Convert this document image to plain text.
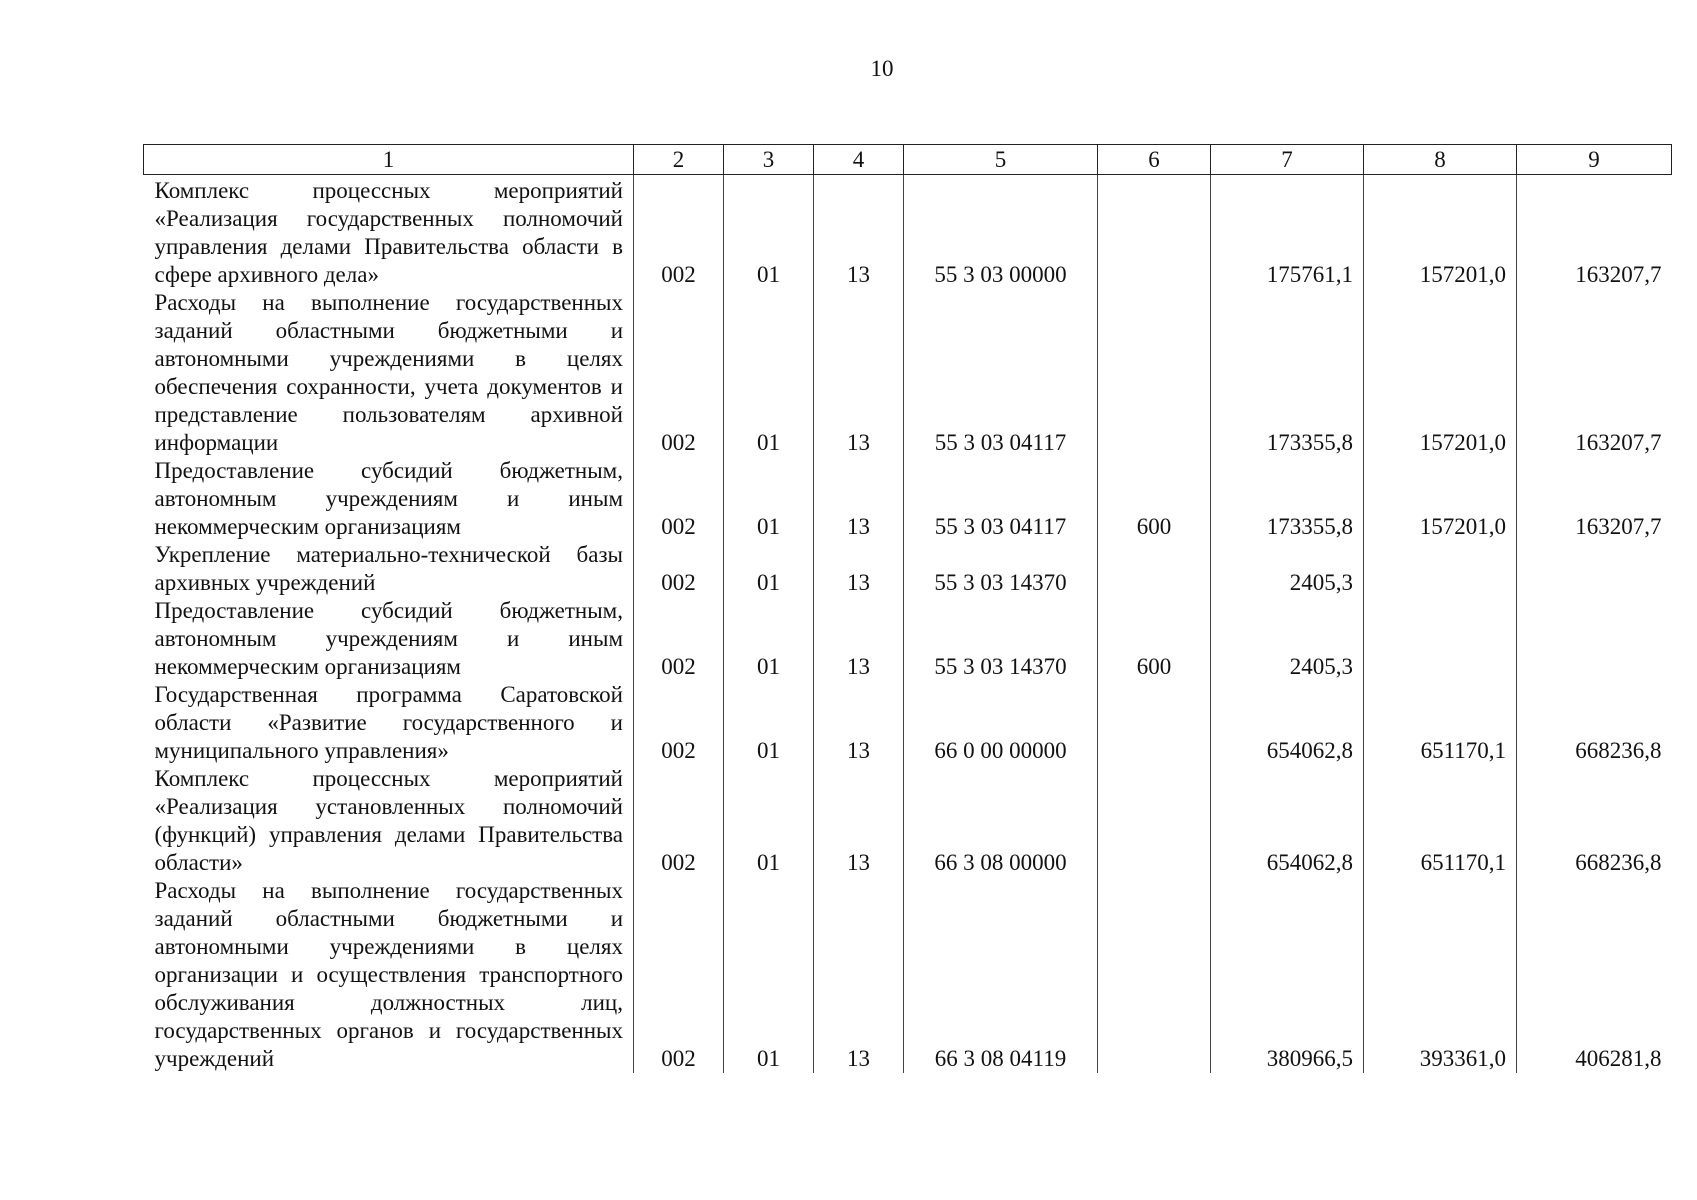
10
1	2	3	4	5	6	7	8	9
Комплекс процессных мероприятий «Реализация государственных полномочий управления делами Правительства области в сфере архивного дела»	002	01	13	55 3 03 00000		175761,1	157201,0	163207,7
Расходы на выполнение государственных заданий областными бюджетными и автономными учреждениями в целях обеспечения сохранности, учета документов и представление пользователям архивной информации	002	01	13	55 3 03 04117		173355,8	157201,0	163207,7
Предоставление субсидий бюджетным, автономным учреждениям и иным некоммерческим организациям	002	01	13	55 3 03 04117	600	173355,8	157201,0	163207,7
Укрепление материально-технической базы архивных учреждений	002	01	13	55 3 03 14370		2405,3		
Предоставление субсидий бюджетным, автономным учреждениям и иным некоммерческим организациям	002	01	13	55 3 03 14370	600	2405,3		
Государственная программа Саратовской области «Развитие государственного и муниципального управления»	002	01	13	66 0 00 00000		654062,8	651170,1	668236,8
Комплекс процессных мероприятий «Реализация установленных полномочий (функций) управления делами Правительства области»	002	01	13	66 3 08 00000		654062,8	651170,1	668236,8
Расходы на выполнение государственных заданий областными бюджетными и автономными учреждениями в целях организации и осуществления транспортного обслуживания должностных лиц, государственных органов и государственных учреждений	002	01	13	66 3 08 04119		380966,5	393361,0	406281,8
